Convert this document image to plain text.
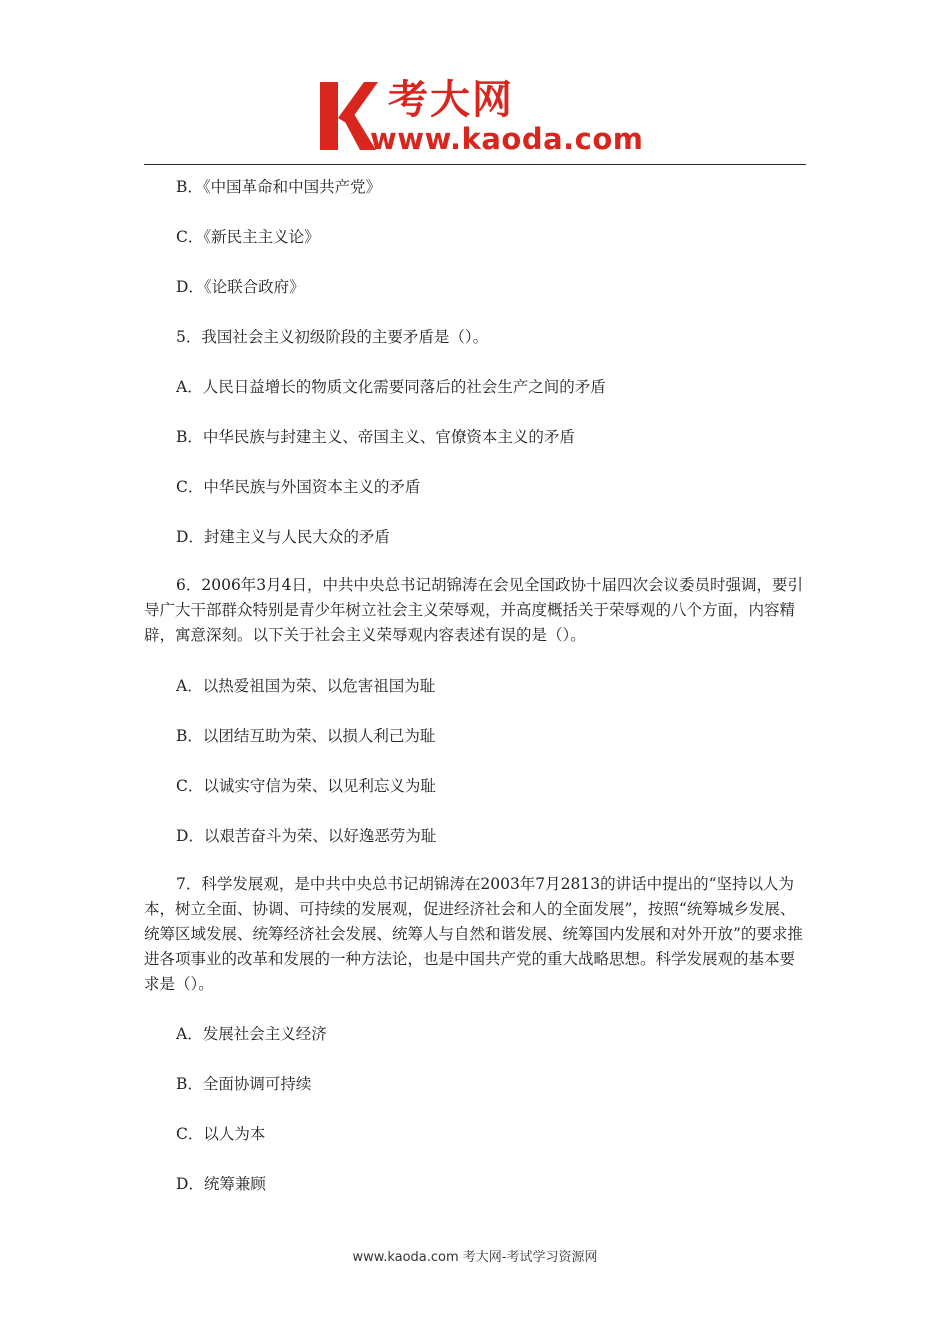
考大网
www.kaoda.com
B．《中国革命和中国共产党》
C．《新民主主义论》
D．《论联合政府》
5．我国社会主义初级阶段的主要矛盾是（）。
A．人民日益增长的物质文化需要同落后的社会生产之间的矛盾
B．中华民族与封建主义、帝国主义、官僚资本主义的矛盾
C．中华民族与外国资本主义的矛盾
D．封建主义与人民大众的矛盾
6．2006年3月4日，中共中央总书记胡锦涛在会见全国政协十届四次会议委员时强调，要引导广大干部群众特别是青少年树立社会主义荣辱观，并高度概括关于荣辱观的八个方面，内容精辟，寓意深刻。以下关于社会主义荣辱观内容表述有误的是（）。
A．以热爱祖国为荣、以危害祖国为耻
B．以团结互助为荣、以损人利己为耻
C．以诚实守信为荣、以见利忘义为耻
D．以艰苦奋斗为荣、以好逸恶劳为耻
7．科学发展观，是中共中央总书记胡锦涛在2003年7月2813的讲话中提出的“坚持以人为本，树立全面、协调、可持续的发展观，促进经济社会和人的全面发展”，按照“统筹城乡发展、统筹区域发展、统筹经济社会发展、统筹人与自然和谐发展、统筹国内发展和对外开放”的要求推进各项事业的改革和发展的一种方法论，也是中国共产党的重大战略思想。科学发展观的基本要求是（）。
A．发展社会主义经济
B．全面协调可持续
C．以人为本
D．统筹兼顾
www.kaoda.com 考大网-考试学习资源网
